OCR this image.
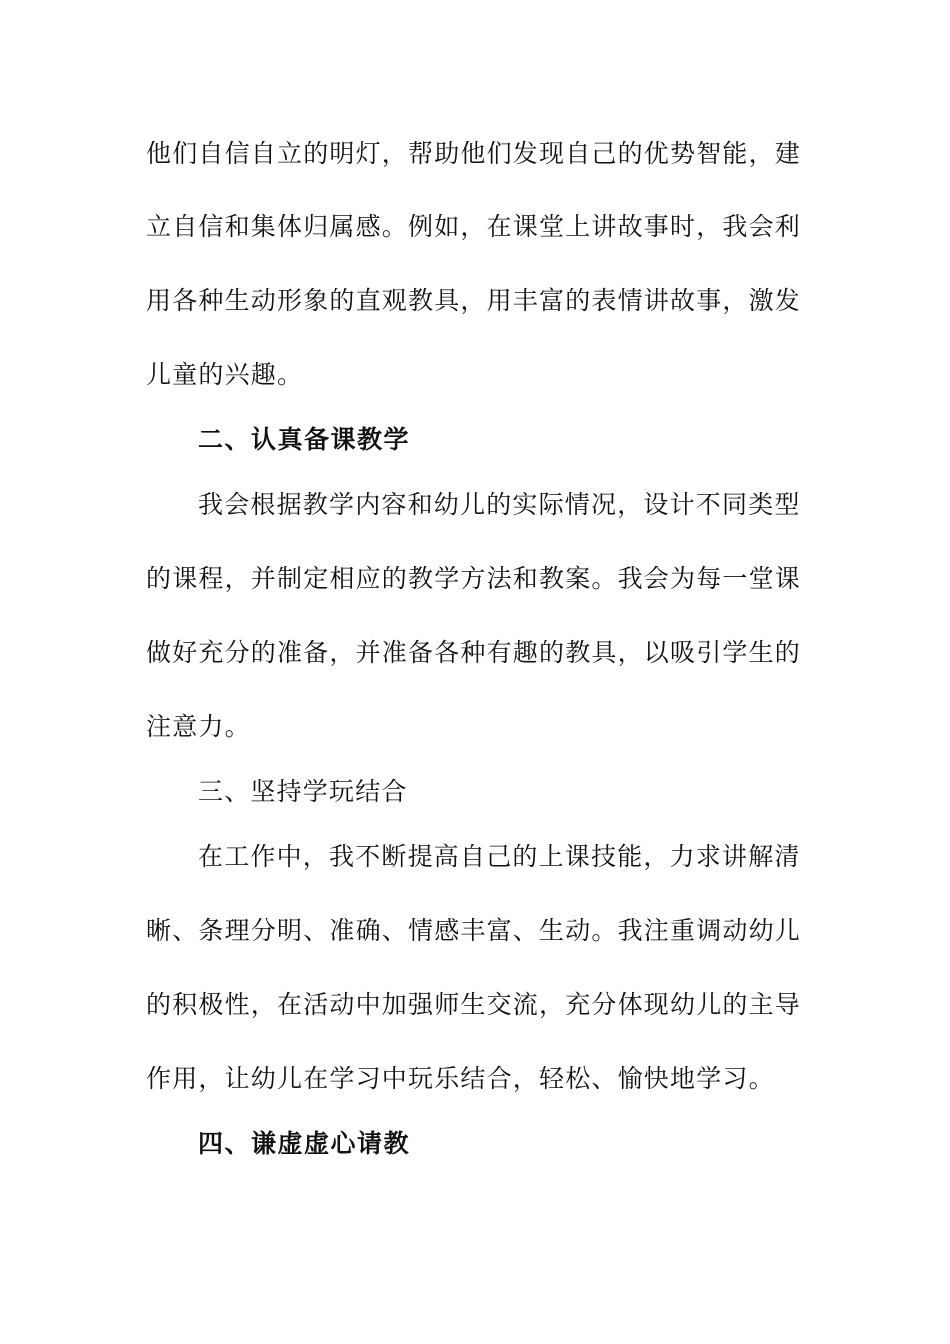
他们自信自立的明灯，帮助他们发现自己的优势智能，建
立自信和集体归属感。例如，在课堂上讲故事时，我会利
用各种生动形象的直观教具，用丰富的表情讲故事，激发
儿童的兴趣。
二、认真备课教学
我会根据教学内容和幼儿的实际情况，设计不同类型
的课程，并制定相应的教学方法和教案。我会为每一堂课
做好充分的准备，并准备各种有趣的教具，以吸引学生的
注意力。
三、坚持学玩结合
在工作中，我不断提高自己的上课技能，力求讲解清
晰、条理分明、准确、情感丰富、生动。我注重调动幼儿
的积极性，在活动中加强师生交流，充分体现幼儿的主导
作用，让幼儿在学习中玩乐结合，轻松、愉快地学习。
四、谦虚虚心请教
